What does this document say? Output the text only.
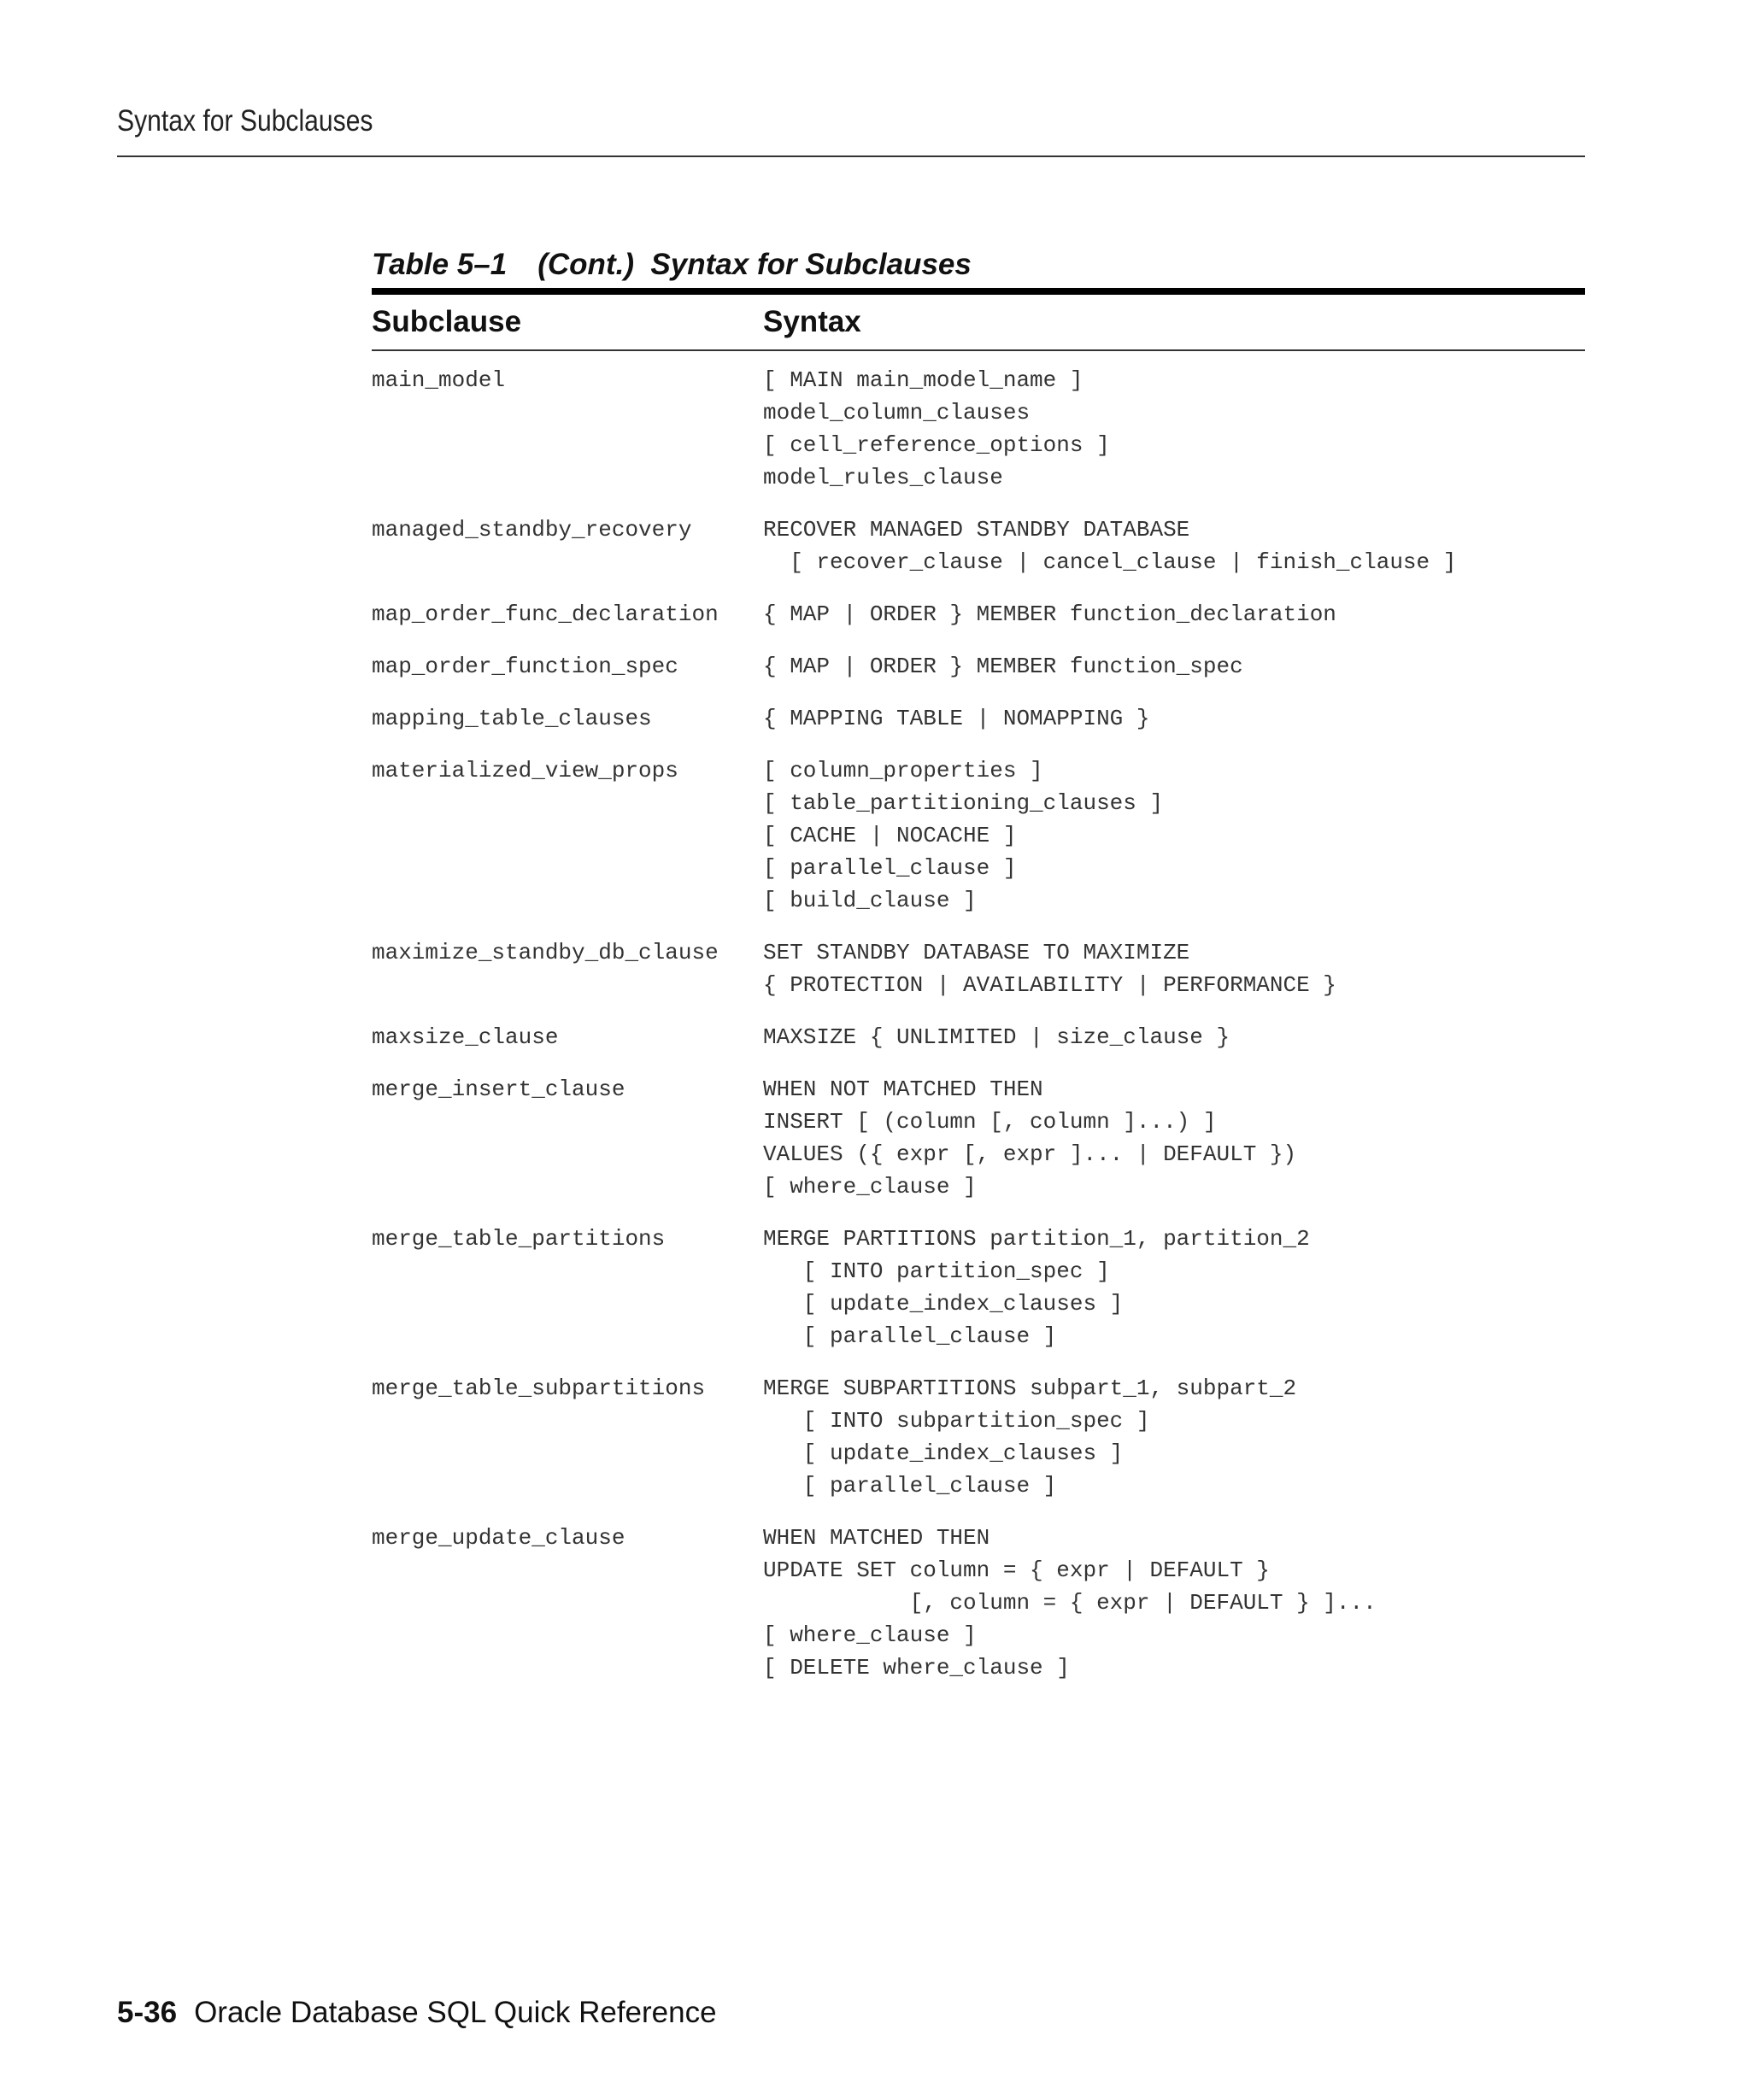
Syntax for Subclauses
Table 5–1 (Cont.)  Syntax for Subclauses
Subclause	Syntax
main_model	[ MAIN main_model_name ]
model_column_clauses
[ cell_reference_options ]
model_rules_clause
managed_standby_recovery	RECOVER MANAGED STANDBY DATABASE
[ recover_clause | cancel_clause | finish_clause ]
map_order_func_declaration	{ MAP | ORDER } MEMBER function_declaration
map_order_function_spec	{ MAP | ORDER } MEMBER function_spec
mapping_table_clauses	{ MAPPING TABLE | NOMAPPING }
materialized_view_props	[ column_properties ]
[ table_partitioning_clauses ]
[ CACHE | NOCACHE ]
[ parallel_clause ]
[ build_clause ]
maximize_standby_db_clause	SET STANDBY DATABASE TO MAXIMIZE
{ PROTECTION | AVAILABILITY | PERFORMANCE }
maxsize_clause	MAXSIZE { UNLIMITED | size_clause }
merge_insert_clause	WHEN NOT MATCHED THEN
INSERT [ (column [, column ]...) ]
VALUES ({ expr [, expr ]... | DEFAULT })
[ where_clause ]
merge_table_partitions	MERGE PARTITIONS partition_1, partition_2
[ INTO partition_spec ]
[ update_index_clauses ]
[ parallel_clause ]
merge_table_subpartitions	MERGE SUBPARTITIONS subpart_1, subpart_2
[ INTO subpartition_spec ]
[ update_index_clauses ]
[ parallel_clause ]
merge_update_clause	WHEN MATCHED THEN
UPDATE SET column = { expr | DEFAULT }
[, column = { expr | DEFAULT } ]...
[ where_clause ]
[ DELETE where_clause ]
5-36 Oracle Database SQL Quick Reference
